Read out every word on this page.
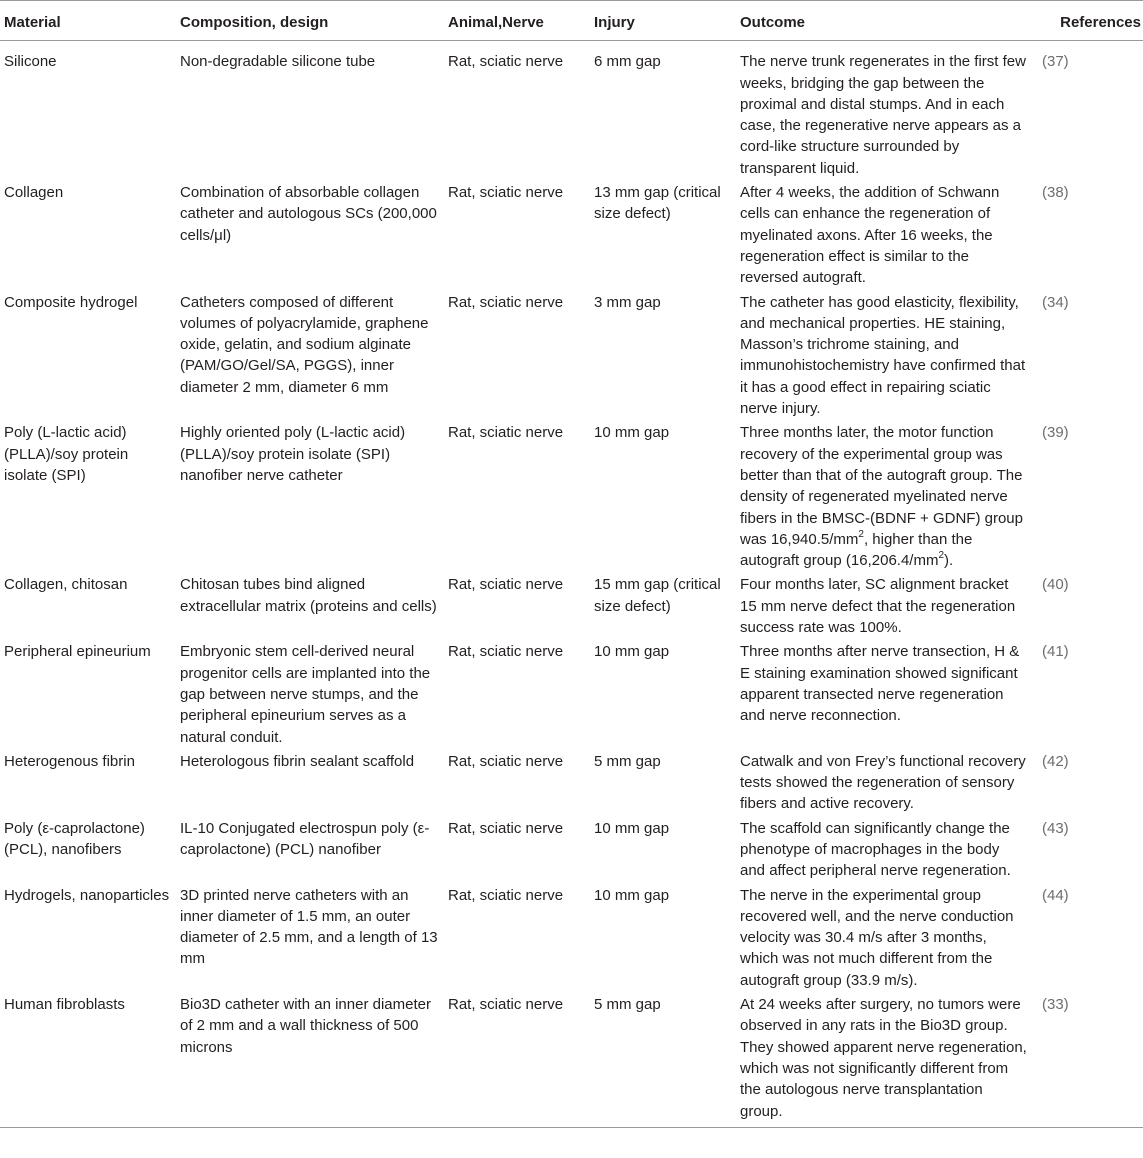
Material	Composition, design	Animal,Nerve	Injury	Outcome	References
Silicone	Non-degradable silicone tube	Rat, sciatic nerve	6 mm gap	The nerve trunk regenerates in the first few weeks, bridging the gap between the proximal and distal stumps. And in each case, the regenerative nerve appears as a cord-like structure surrounded by transparent liquid.	(37)
Collagen	Combination of absorbable collagen catheter and autologous SCs (200,000 cells/μl)	Rat, sciatic nerve	13 mm gap (critical size defect)	After 4 weeks, the addition of Schwann cells can enhance the regeneration of myelinated axons. After 16 weeks, the regeneration effect is similar to the reversed autograft.	(38)
Composite hydrogel	Catheters composed of different volumes of polyacrylamide, graphene oxide, gelatin, and sodium alginate (PAM/GO/Gel/SA, PGGS), inner diameter 2 mm, diameter 6 mm	Rat, sciatic nerve	3 mm gap	The catheter has good elasticity, flexibility, and mechanical properties. HE staining, Masson’s trichrome staining, and immunohistochemistry have confirmed that it has a good effect in repairing sciatic nerve injury.	(34)
Poly (L-lactic acid) (PLLA)/soy protein isolate (SPI)	Highly oriented poly (L-lactic acid) (PLLA)/soy protein isolate (SPI) nanofiber nerve catheter	Rat, sciatic nerve	10 mm gap	Three months later, the motor function recovery of the experimental group was better than that of the autograft group. The density of regenerated myelinated nerve fibers in the BMSC-(BDNF + GDNF) group was $16,940.5/mm^2$, higher than the autograft group $(16,206.4/mm^2)$.	(39)
Collagen, chitosan	Chitosan tubes bind aligned extracellular matrix (proteins and cells)	Rat, sciatic nerve	15 mm gap (critical size defect)	Four months later, SC alignment bracket 15 mm nerve defect that the regeneration success rate was 100%.	(40)
Peripheral epineurium	Embryonic stem cell-derived neural progenitor cells are implanted into the gap between nerve stumps, and the peripheral epineurium serves as a natural conduit.	Rat, sciatic nerve	10 mm gap	Three months after nerve transection, H & E staining examination showed significant apparent transected nerve regeneration and nerve reconnection.	(41)
Heterogenous fibrin	Heterologous fibrin sealant scaffold	Rat, sciatic nerve	5 mm gap	Catwalk and von Frey’s functional recovery tests showed the regeneration of sensory fibers and active recovery.	(42)
Poly (ε-caprolactone) (PCL), nanofibers	IL-10 Conjugated electrospun poly (ε-caprolactone) (PCL) nanofiber	Rat, sciatic nerve	10 mm gap	The scaffold can significantly change the phenotype of macrophages in the body and affect peripheral nerve regeneration.	(43)
Hydrogels, nanoparticles	3D printed nerve catheters with an inner diameter of 1.5 mm, an outer diameter of 2.5 mm, and a length of 13 mm	Rat, sciatic nerve	10 mm gap	The nerve in the experimental group recovered well, and the nerve conduction velocity was 30.4 m/s after 3 months, which was not much different from the autograft group (33.9 m/s).	(44)
Human fibroblasts	Bio3D catheter with an inner diameter of 2 mm and a wall thickness of 500 microns	Rat, sciatic nerve	5 mm gap	At 24 weeks after surgery, no tumors were observed in any rats in the Bio3D group. They showed apparent nerve regeneration, which was not significantly different from the autologous nerve transplantation group.	(33)
